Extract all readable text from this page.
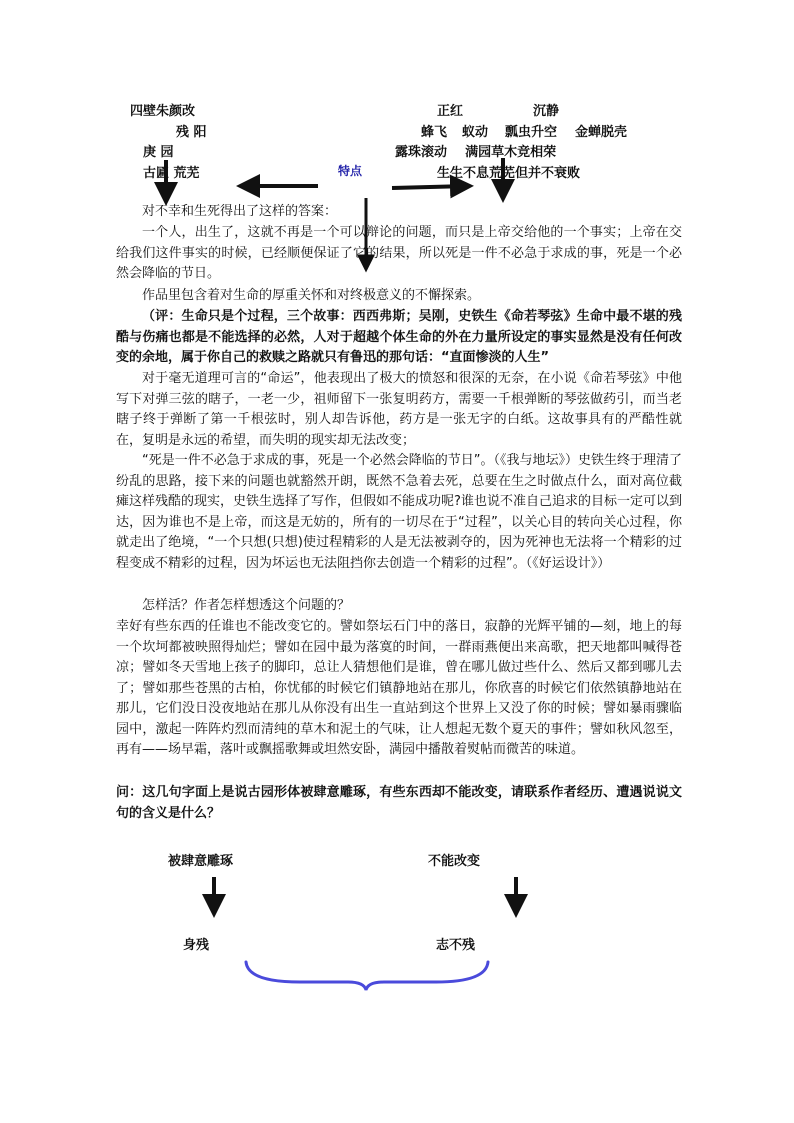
四壁朱颜改
残 阳
庚 园
古匾 荒芜
正红	沉静
蜂飞 蚁动 瓢虫升空 金蝉脱壳
露珠滚动    满园草木竞相荣
生生不息荒芜但并不衰败
特点
对不幸和生死得出了这样的答案：
一个人，出生了，这就不再是一个可以辩论的问题，而只是上帝交给他的一个事实；上帝在交给我们这件事实的时候，已经顺便保证了它的结果，所以死是一件不必急于求成的事，死是一个必然会降临的节日。
作品里包含着对生命的厚重关怀和对终极意义的不懈探索。
（评：生命只是个过程，三个故事：西西弗斯；吴刚，史铁生《命若琴弦》生命中最不堪的残酷与伤痛也都是不能选择的必然，人对于超越个体生命的外在力量所设定的事实显然是没有任何改变的余地，属于你自己的救赎之路就只有鲁迅的那句话：“直面惨淡的人生”
对于毫无道理可言的“命运”，他表现出了极大的愤怒和很深的无奈，在小说《命若琴弦》中他写下对弹三弦的瞎子，一老一少，祖师留下一张复明药方，需要一千根弹断的琴弦做药引，而当老瞎子终于弹断了第一千根弦时，别人却告诉他，药方是一张无字的白纸。这故事具有的严酷性就在，复明是永远的希望，而失明的现实却无法改变；
“死是一件不必急于求成的事，死是一个必然会降临的节日”。（《我与地坛》）史铁生终于理清了纷乱的思路，接下来的问题也就豁然开朗，既然不急着去死，总要在生之时做点什么，面对高位截瘫这样残酷的现实，史铁生选择了写作，但假如不能成功呢?谁也说不准自己追求的目标一定可以到达，因为谁也不是上帝，而这是无妨的，所有的一切尽在于“过程”，以关心目的转向关心过程，你就走出了绝境，“一个只想(只想)使过程精彩的人是无法被剥夺的，因为死神也无法将一个精彩的过程变成不精彩的过程，因为坏运也无法阻挡你去创造一个精彩的过程”。（《好运设计》）
怎样活？作者怎样想透这个问题的？
幸好有些东西的任谁也不能改变它的。譬如祭坛石门中的落日，寂静的光辉平铺的—刻，地上的每一个坎坷都被映照得灿烂；譬如在园中最为落寞的时间，一群雨燕便出来高歌，把天地都叫喊得苍凉；譬如冬天雪地上孩子的脚印，总让人猜想他们是谁，曾在哪儿做过些什么、然后又都到哪儿去了；譬如那些苍黑的古柏，你忧郁的时候它们镇静地站在那儿，你欣喜的时候它们依然镇静地站在那儿，它们没日没夜地站在那儿从你没有出生一直站到这个世界上又没了你的时候；譬如暴雨骤临园中，激起一阵阵灼烈而清纯的草木和泥土的气味，让人想起无数个夏天的事件；譬如秋风忽至，再有——场早霜，落叶或飘摇歌舞或坦然安卧，满园中播散着熨帖而微苦的味道。
问：这几句字面上是说古园形体被肆意雕琢，有些东西却不能改变，请联系作者经历、遭遇说说文句的含义是什么？
被肆意雕琢	不能改变
身残	志不残
